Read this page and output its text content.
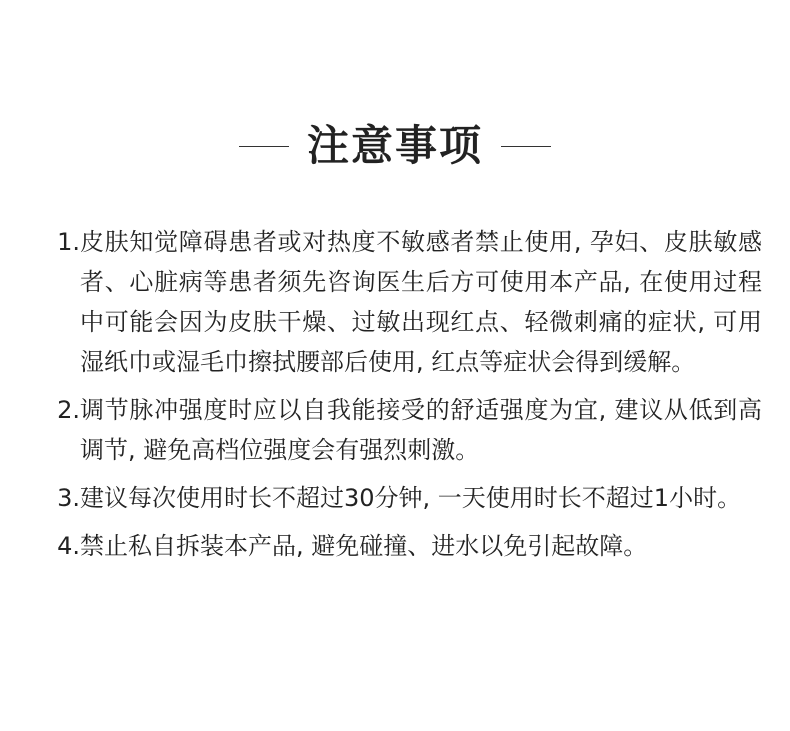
注意事项
1. 皮肤知觉障碍患者或对热度不敏感者禁止使用, 孕妇、皮肤敏感者、心脏病等患者须先咨询医生后方可使用本产品, 在使用过程中可能会因为皮肤干燥、过敏出现红点、轻微刺痛的症状, 可用湿纸巾或湿毛巾擦拭腰部后使用, 红点等症状会得到缓解。
2. 调节脉冲强度时应以自我能接受的舒适强度为宜, 建议从低到高调节, 避免高档位强度会有强烈刺激。
3. 建议每次使用时长不超过30分钟, 一天使用时长不超过1小时。
4. 禁止私自拆装本产品, 避免碰撞、进水以免引起故障。
